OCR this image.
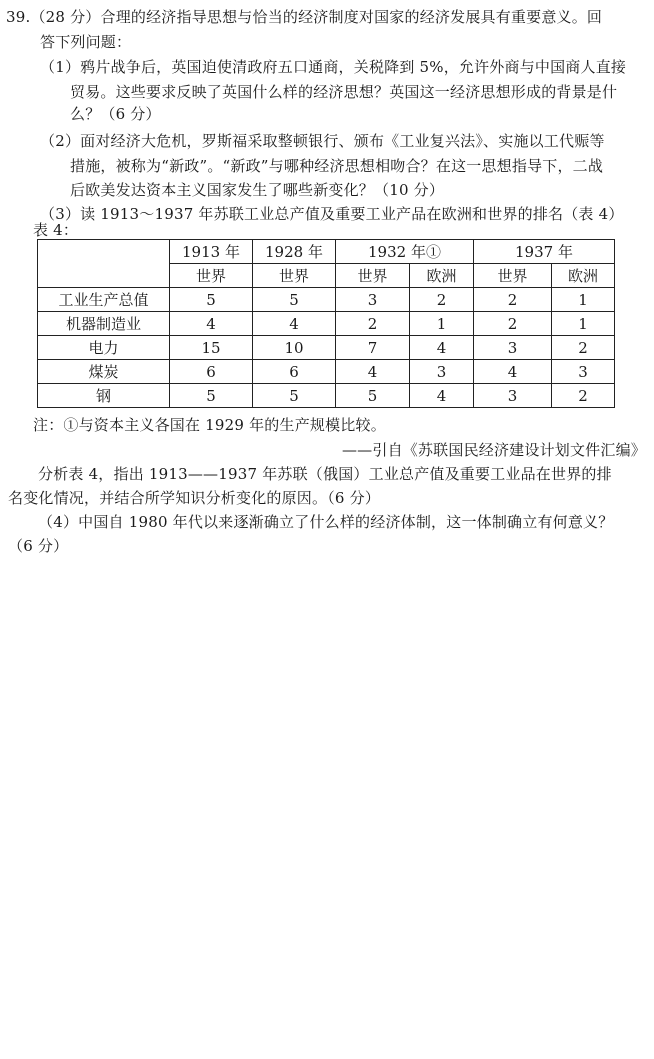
39.（28 分）合理的经济指导思想与恰当的经济制度对国家的经济发展具有重要意义。回
答下列问题：
（1）鸦片战争后，英国迫使清政府五口通商，关税降到 5%，允许外商与中国商人直接
贸易。这些要求反映了英国什么样的经济思想？英国这一经济思想形成的背景是什
么？（6 分）
（2）面对经济大危机，罗斯福采取整顿银行、颁布《工业复兴法》、实施以工代赈等
措施，被称为“新政”。“新政”与哪种经济思想相吻合？在这一思想指导下，二战
后欧美发达资本主义国家发生了哪些新变化？（10 分）
（3）读 1913～1937 年苏联工业总产值及重要工业产品在欧洲和世界的排名（表 4）
表 4：
	1913 年	1928 年	1932 年①		1937 年	
	世界	世界	世界	欧洲	世界	欧洲
工业生产总值	5	5	3	2	2	1
机器制造业	4	4	2	1	2	1
电力	15	10	7	4	3	2
煤炭	6	6	4	3	4	3
钢	5	5	5	4	3	2
注：①与资本主义各国在 1929 年的生产规模比较。
——引自《苏联国民经济建设计划文件汇编》
分析表 4，指出 1913——1937 年苏联（俄国）工业总产值及重要工业品在世界的排
名变化情况，并结合所学知识分析变化的原因。（6 分）
（4）中国自 1980 年代以来逐渐确立了什么样的经济体制，这一体制确立有何意义？
（6 分）
